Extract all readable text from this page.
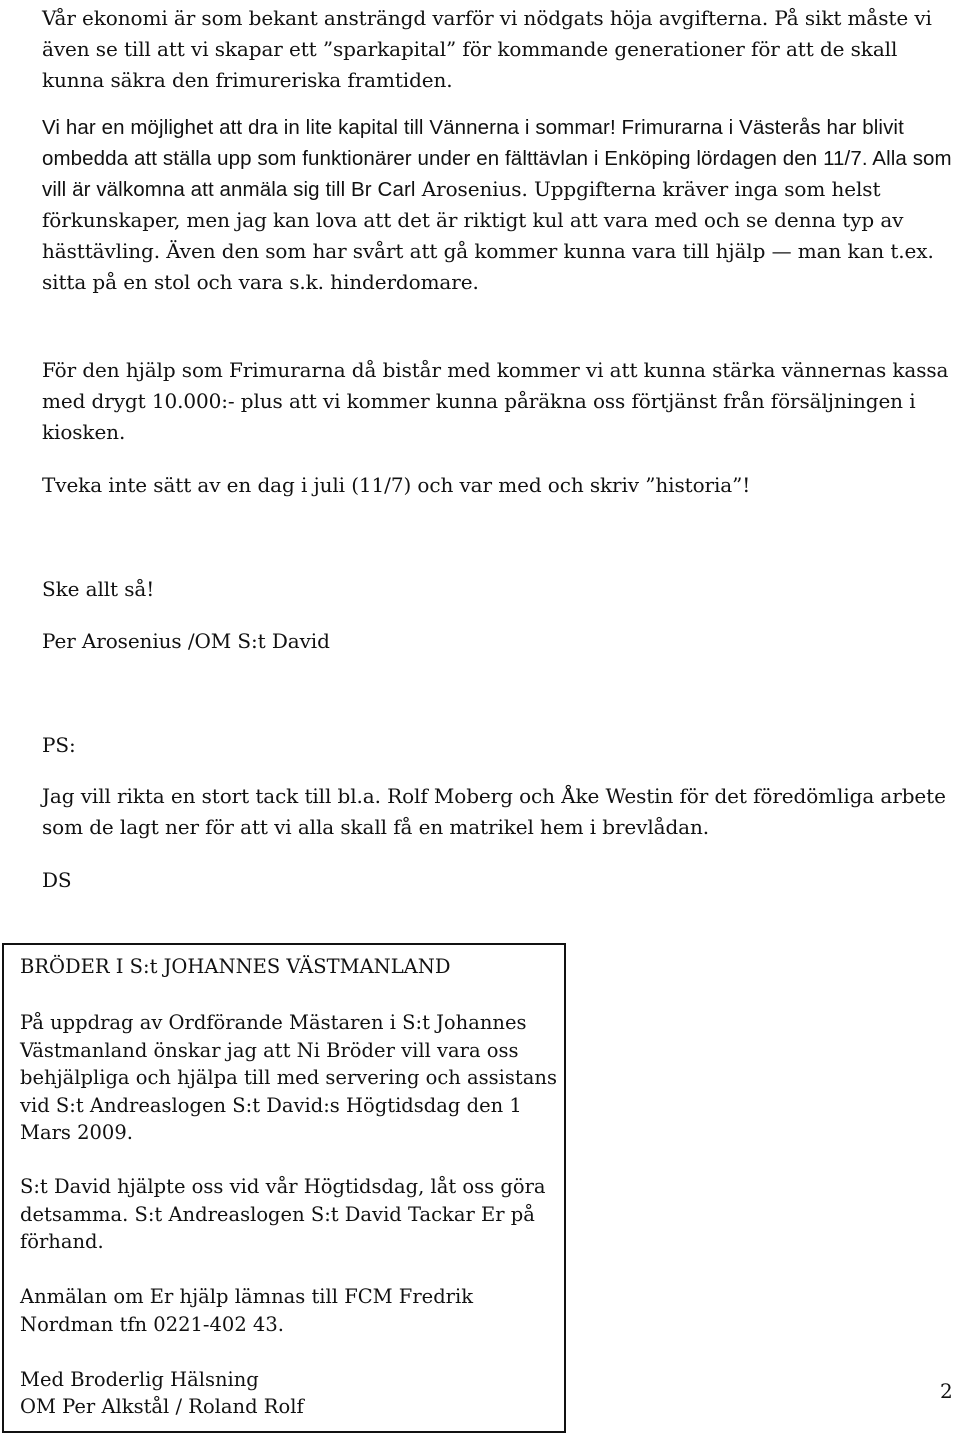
Vår ekonomi är som bekant ansträngd varför vi nödgats höja avgifterna. På sikt måste vi även se till att vi skapar ett ”sparkapital” för kommande generationer för att de skall kunna säkra den frimureriska framtiden.

Vi har en möjlighet att dra in lite kapital till Vännerna i sommar! Frimurarna i Västerås har blivit ombedda att ställa upp som funktionärer under en fälttävlan i Enköping lördagen den 11/7. Alla som vill är välkomna att anmäla sig till Br Carl Arosenius. Uppgifterna kräver inga som helst förkunskaper, men jag kan lova att det är riktigt kul att vara med och se denna typ av hästtävling. Även den som har svårt att gå kommer kunna vara till hjälp — man kan t.ex. sitta på en stol och vara s.k. hinderdomare.

För den hjälp som Frimurarna då bistår med kommer vi att kunna stärka vännernas kassa med drygt 10.000:- plus att vi kommer kunna påräkna oss förtjänst från försäljningen i kiosken.

Tveka inte sätt av en dag i juli (11/7) och var med och skriv ”historia”!

Ske allt så!

Per Arosenius /OM S:t David

PS:

Jag vill rikta en stort tack till bl.a. Rolf Moberg och Åke Westin för det föredömliga arbete som de lagt ner för att vi alla skall få en matrikel hem i brevlådan.

DS

BRÖDER I S:t JOHANNES VÄSTMANLAND

På uppdrag av Ordförande Mästaren i S:t Johannes Västmanland önskar jag att Ni Bröder vill vara oss behjälpliga och hjälpa till med servering och assistans vid S:t Andreaslogen S:t David:s Högtidsdag den 1 Mars 2009.

S:t David hjälpte oss vid vår Högtidsdag, låt oss göra detsamma. S:t Andreaslogen S:t David Tackar Er på förhand.

Anmälan om Er hjälp lämnas till FCM Fredrik Nordman tfn 0221-402 43.

Med Broderlig Hälsning

OM Per Alkstål / Roland Rolf

2
